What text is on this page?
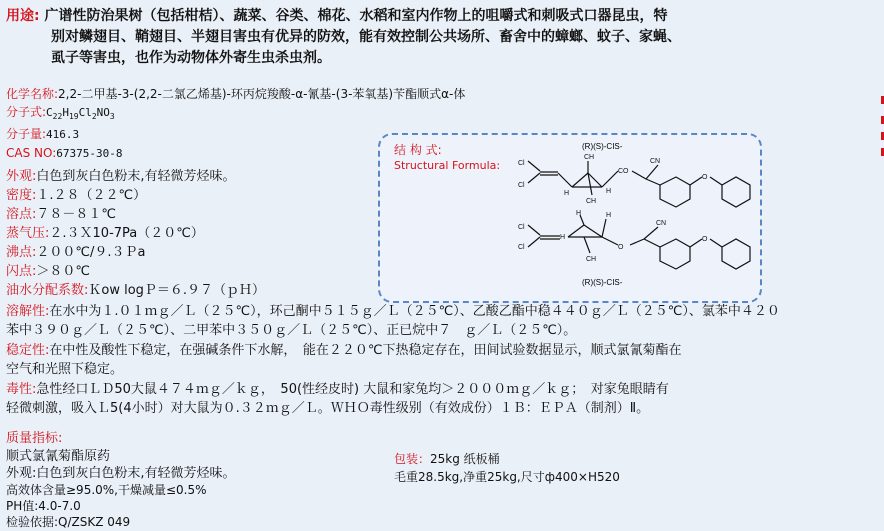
用途: 广谱性防治果树（包括柑桔）、蔬菜、谷类、棉花、水稻和室内作物上的咀嚼式和刺吸式口器昆虫，特
别对鳞翅目、鞘翅目、半翅目害虫有优异的防效，能有效控制公共场所、畜舍中的蟑螂、蚊子、家蝇、
虱子等害虫，也作为动物体外寄生虫杀虫剂。
化学名称:2,2-二甲基-3-(2,2-二氯乙烯基)-环丙烷羧酸-α-氰基-(3-苯氧基)苄酯顺式α-体
分子式$:C_{22}H_{19}Cl_2NO_3$
分子量:416.3
CAS NO:67375-30-8
外观:白色到灰白色粉末,有轻微芳烃味。
密度:１.２８（２２℃）
溶点:７８－８１℃
蒸气压:２.３Ｘ10-7Pa（２０℃）
沸点:２００℃/９.３Ｐa
闪点:＞８０℃
油水分配系数:Ｋow logＰ＝６.９７（ｐＨ）
结 构 式:
Structural Formula:
(R)(S)-CIS-
Cl
Cl
H
CH
CH
H
CO
CN
O
Cl
Cl
H
H	H
CH
O
CN
O
(R)(S)-CIS-
溶解性:在水中为１.０１ｍｇ／Ｌ（２５℃），环己酮中５１５ｇ／Ｌ（２５℃）、乙酸乙酯中稳４４０ｇ／Ｌ（２５℃）、氯苯中４２０
苯中３９０ｇ／Ｌ（２５℃）、二甲苯中３５０ｇ／Ｌ（２５℃）、正已烷中７　ｇ／Ｌ（２５℃）。
稳定性:在中性及酸性下稳定，在强碱条件下水解，　能在２２０℃下热稳定存在，田间试验数据显示，顺式氯氰菊酯在
空气和光照下稳定。
毒性:急性经口ＬＤ50大鼠４７４ｍｇ／ｋｇ，　50(性经皮时) 大鼠和家兔均＞２０００ｍｇ／ｋｇ；　对家兔眼睛有
轻微刺激，吸入Ｌ5(4小时）对大鼠为０.３２ｍｇ／Ｌ。ＷＨＯ毒性级别（有效成份）１Ｂ：ＥＰＡ（制剂）Ⅱ。
质量指标:
顺式氯氰菊酯原药
外观:白色到灰白色粉末,有轻微芳烃味。
高效体含量≥95.0%,干燥减量≤0.5%
PH值:4.0-7.0
检验依据:Q/ZSKZ 049
包装：25kg 纸板桶
毛重28.5kg,净重25kg,尺寸ф400×H520
